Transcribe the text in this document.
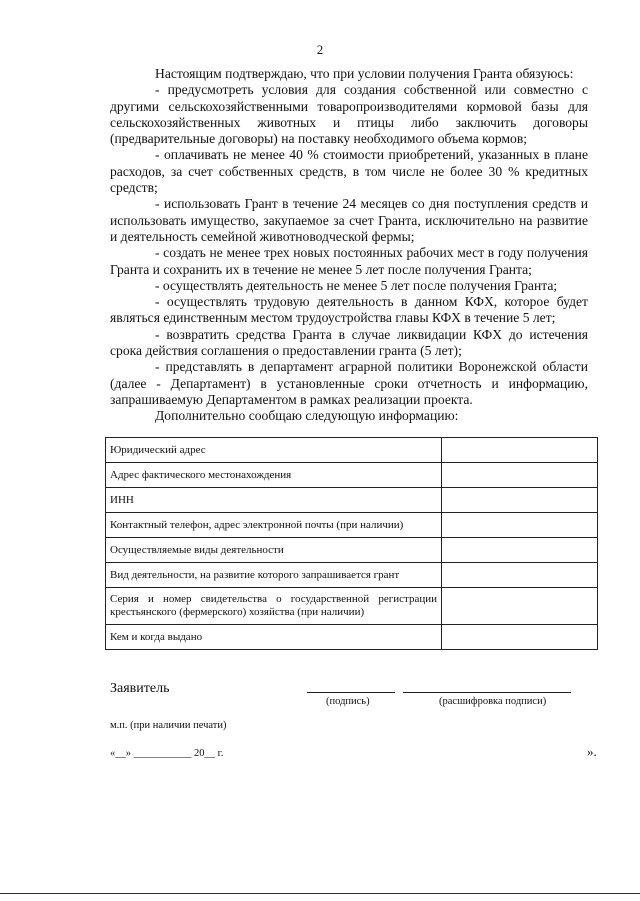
2

Настоящим подтверждаю, что при условии получения Гранта обязуюсь:

- предусмотреть условия для создания собственной или совместно с другими сельскохозяйственными товаропроизводителями кормовой базы для сельскохозяйственных животных и птицы либо заключить договоры (предварительные договоры) на поставку необходимого объема кормов;

- оплачивать не менее 40 % стоимости приобретений, указанных в плане расходов, за счет собственных средств, в том числе не более 30 % кредитных средств;

- использовать Грант в течение 24 месяцев со дня поступления средств и использовать имущество, закупаемое за счет Гранта, исключительно на развитие и деятельность семейной животноводческой фермы;

- создать не менее трех новых постоянных рабочих мест в году получения Гранта и сохранить их в течение не менее 5 лет после получения Гранта;

- осуществлять деятельность не менее 5 лет после получения Гранта;

- осуществлять трудовую деятельность в данном КФХ, которое будет являться единственным местом трудоустройства главы КФХ в течение 5 лет;

- возвратить средства Гранта в случае ликвидации КФХ до истечения срока действия соглашения о предоставлении гранта (5 лет);

- представлять в департамент аграрной политики Воронежской области (далее - Департамент) в установленные сроки отчетность и информацию, запрашиваемую Департаментом в рамках реализации проекта.

Дополнительно сообщаю следующую информацию:

Юридический адрес	
Адрес фактического местонахождения	
ИНН	
Контактный телефон, адрес электронной почты (при наличии)	
Осуществляемые виды деятельности	
Вид деятельности, на развитие которого запрашивается грант	
Серия и номер свидетельства о государственной регистрации крестьянского (фермерского) хозяйства (при наличии)	
Кем и когда выдано	
Заявитель
(подпись)	(расшифровка подписи)
м.п. (при наличии печати)
«__» ___________ 20__ г.	».
